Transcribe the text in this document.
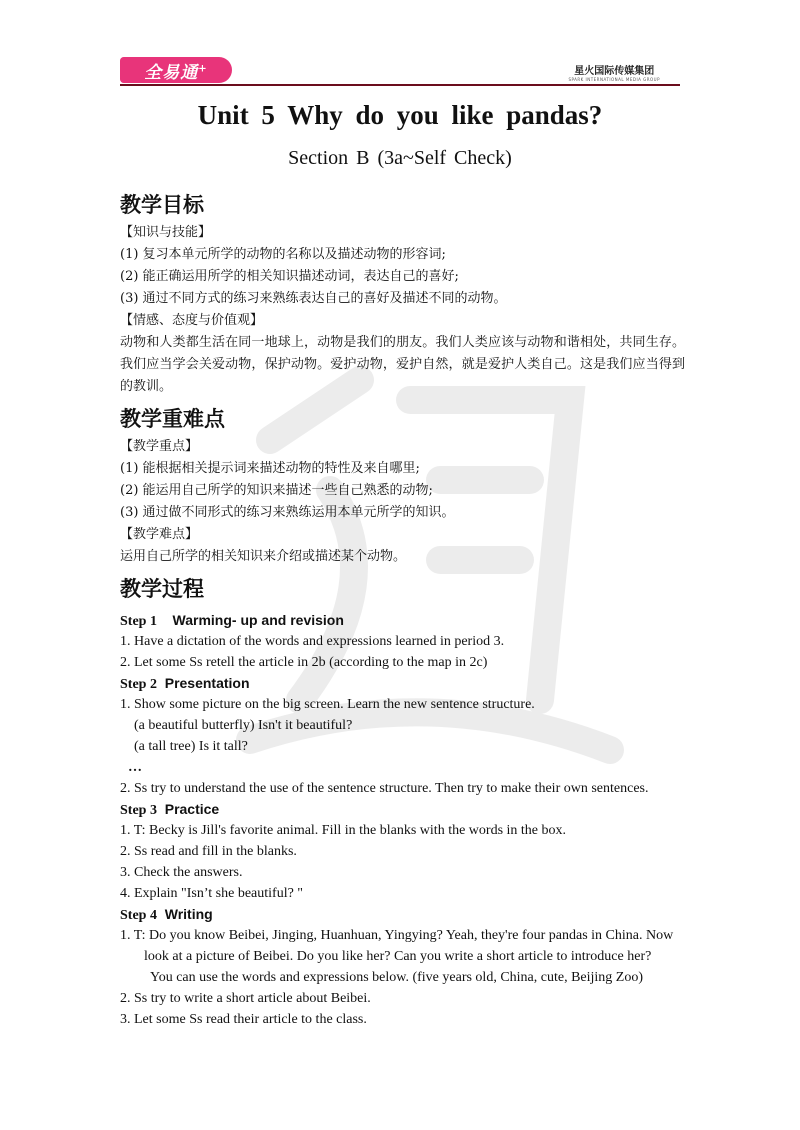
全易通+	星火国际传媒集团
SPARK INTERNATIONAL MEDIA GROUP
Unit 5 Why do you like pandas?
Section B (3a~Self Check)
教学目标
【知识与技能】
(1) 复习本单元所学的动物的名称以及描述动物的形容词;
(2) 能正确运用所学的相关知识描述动词，表达自己的喜好;
(3) 通过不同方式的练习来熟练表达自己的喜好及描述不同的动物。
【情感、态度与价值观】
动物和人类都生活在同一地球上，动物是我们的朋友。我们人类应该与动物和谐相处，共同生存。我们应当学会关爱动物，保护动物。爱护动物，爱护自然，就是爱护人类自己。这是我们应当得到的教训。
教学重难点
【教学重点】
(1) 能根据相关提示词来描述动物的特性及来自哪里;
(2) 能运用自己所学的知识来描述一些自己熟悉的动物;
(3) 通过做不同形式的练习来熟练运用本单元所学的知识。
【教学难点】
运用自己所学的相关知识来介绍或描述某个动物。
教学过程
Step 1 Warming- up and revision
1. Have a dictation of the words and expressions learned in period 3.
2. Let some Ss retell the article in 2b (according to the map in 2c)
Step 2 Presentation
1. Show some picture on the big screen. Learn the new sentence structure.
(a beautiful butterfly) Isn't it beautiful?
(a tall tree) Is it tall?
…
2. Ss try to understand the use of the sentence structure. Then try to make their own sentences.
Step 3 Practice
1. T: Becky is Jill's favorite animal. Fill in the blanks with the words in the box.
2. Ss read and fill in the blanks.
3. Check the answers.
4. Explain "Isn’t she beautiful? "
Step 4 Writing
1. T: Do you know Beibei, Jinging, Huanhuan, Yingying? Yeah, they're four pandas in China. Now
look at a picture of Beibei. Do you like her? Can you write a short article to introduce her?
You can use the words and expressions below. (five years old, China, cute, Beijing Zoo)
2. Ss try to write a short article about Beibei.
3. Let some Ss read their article to the class.
